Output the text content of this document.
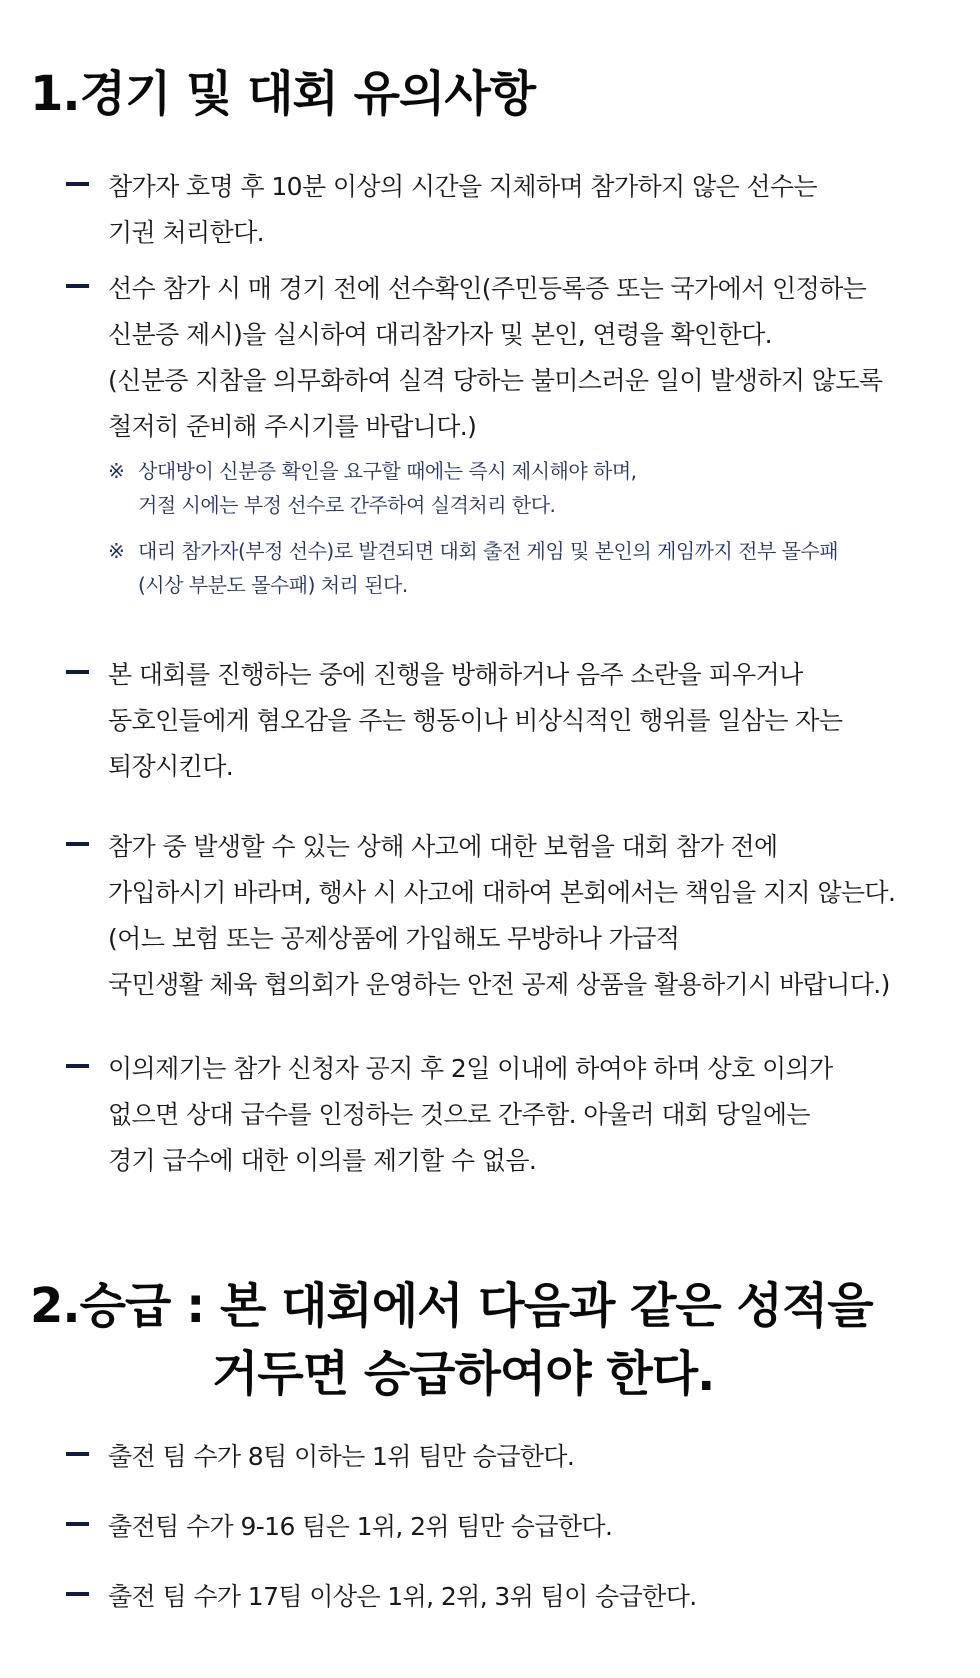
1.경기 및 대회 유의사항
참가자 호명 후 10분 이상의 시간을 지체하며 참가하지 않은 선수는
기권 처리한다.
선수 참가 시 매 경기 전에 선수확인(주민등록증 또는 국가에서 인정하는
신분증 제시)을 실시하여 대리참가자 및 본인, 연령을 확인한다.
(신분증 지참을 의무화하여 실격 당하는 불미스러운 일이 발생하지 않도록
철저히 준비해 주시기를 바랍니다.)
※ 상대방이 신분증 확인을 요구할 때에는 즉시 제시해야 하며,
거절 시에는 부정 선수로 간주하여 실격처리 한다.
※ 대리 참가자(부정 선수)로 발견되면 대회 출전 게임 및 본인의 게임까지 전부 몰수패
(시상 부분도 몰수패) 처리 된다.
본 대회를 진행하는 중에 진행을 방해하거나 음주 소란을 피우거나
동호인들에게 혐오감을 주는 행동이나 비상식적인 행위를 일삼는 자는
퇴장시킨다.
참가 중 발생할 수 있는 상해 사고에 대한 보험을 대회 참가 전에
가입하시기 바라며, 행사 시 사고에 대하여 본회에서는 책임을 지지 않는다.
(어느 보험 또는 공제상품에 가입해도 무방하나 가급적
국민생활 체육 협의회가 운영하는 안전 공제 상품을 활용하기시 바랍니다.)
이의제기는 참가 신청자 공지 후 2일 이내에 하여야 하며 상호 이의가
없으면 상대 급수를 인정하는 것으로 간주함. 아울러 대회 당일에는
경기 급수에 대한 이의를 제기할 수 없음.
2.승급 : 본 대회에서 다음과 같은 성적을
거두면 승급하여야 한다.
출전 팀 수가 8팀 이하는 1위 팀만 승급한다.
출전팀 수가 9-16 팀은 1위, 2위 팀만 승급한다.
출전 팀 수가 17팀 이상은 1위, 2위, 3위 팀이 승급한다.
